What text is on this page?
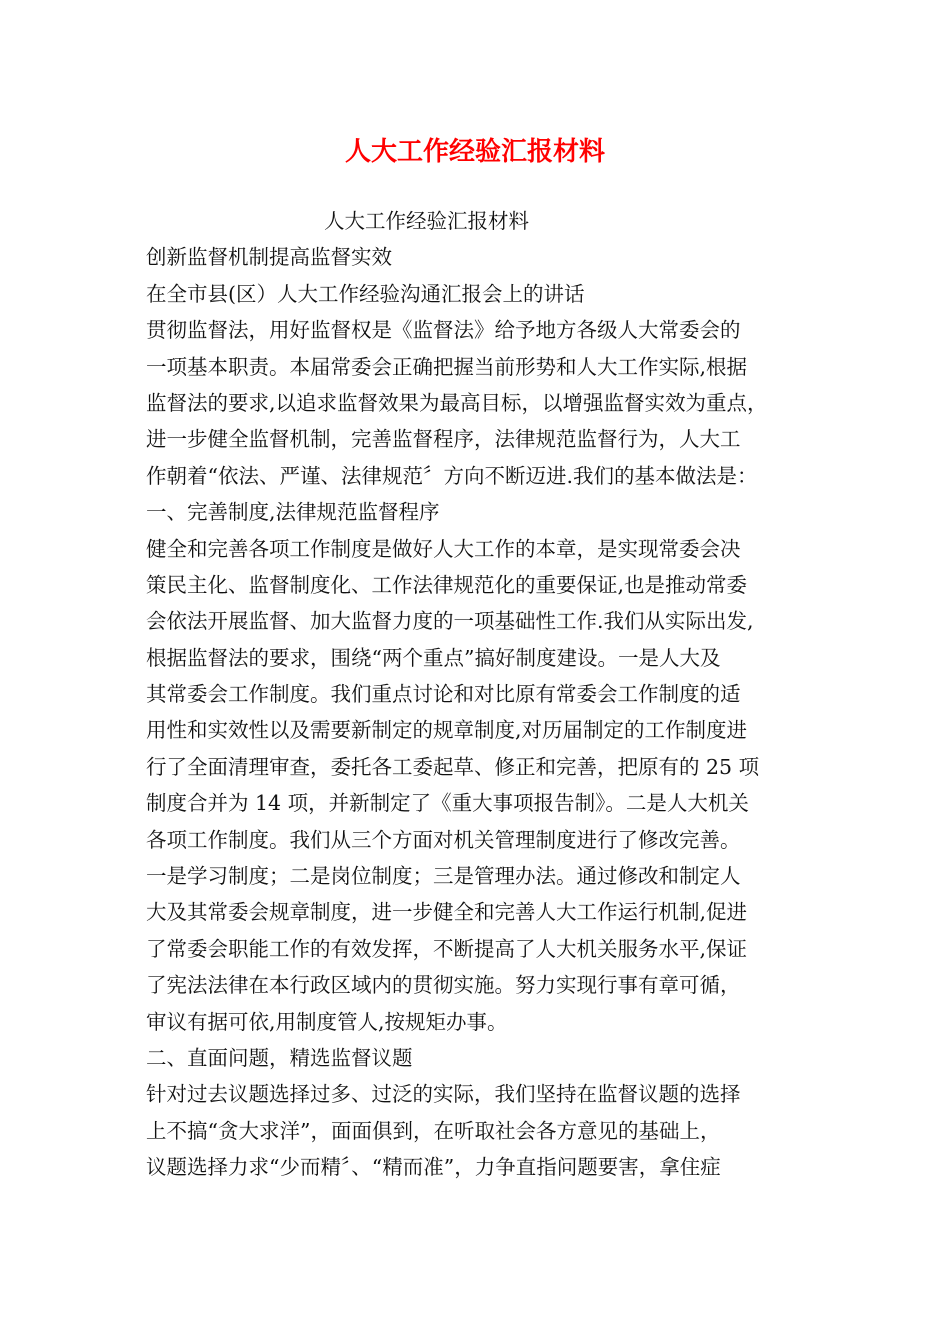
人大工作经验汇报材料
人大工作经验汇报材料
创新监督机制提高监督实效
在全市县(区）人大工作经验沟通汇报会上的讲话
贯彻监督法，用好监督权是《监督法》给予地方各级人大常委会的
一项基本职责。本届常委会正确把握当前形势和人大工作实际,根据
监督法的要求,以追求监督效果为最高目标，以增强监督实效为重点，
进一步健全监督机制，完善监督程序，法律规范监督行为，人大工
作朝着“依法、严谨、法律规范〞方向不断迈进.我们的基本做法是：
一、完善制度,法律规范监督程序
健全和完善各项工作制度是做好人大工作的本章，是实现常委会决
策民主化、监督制度化、工作法律规范化的重要保证,也是推动常委
会依法开展监督、加大监督力度的一项基础性工作.我们从实际出发,
根据监督法的要求，围绕“两个重点”搞好制度建设。一是人大及
其常委会工作制度。我们重点讨论和对比原有常委会工作制度的适
用性和实效性以及需要新制定的规章制度,对历届制定的工作制度进
行了全面清理审查，委托各工委起草、修正和完善，把原有的 25 项
制度合并为 14 项，并新制定了《重大事项报告制》。二是人大机关
各项工作制度。我们从三个方面对机关管理制度进行了修改完善。
一是学习制度；二是岗位制度；三是管理办法。通过修改和制定人
大及其常委会规章制度，进一步健全和完善人大工作运行机制,促进
了常委会职能工作的有效发挥，不断提高了人大机关服务水平,保证
了宪法法律在本行政区域内的贯彻实施。努力实现行事有章可循，
审议有据可依,用制度管人,按规矩办事。
二、直面问题，精选监督议题
针对过去议题选择过多、过泛的实际，我们坚持在监督议题的选择
上不搞“贪大求洋”，面面俱到，在听取社会各方意见的基础上，
议题选择力求“少而精〞、“精而准”，力争直指问题要害，拿住症
